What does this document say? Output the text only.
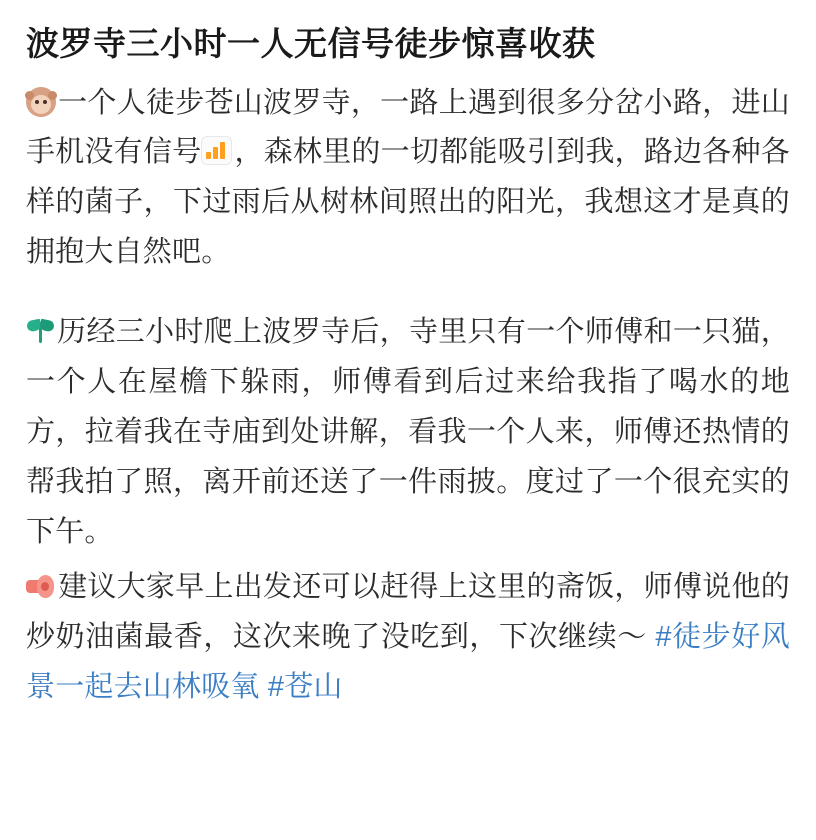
波罗寺三小时一人无信号徒步惊喜收获

一个人徒步苍山波罗寺，一路上遇到很多分岔小路，进山手机没有信号 ，森林里的一切都能吸引到我，路边各种各样的菌子，下过雨后从树林间照出的阳光，我想这才是真的拥抱大自然吧。

历经三小时爬上波罗寺后，寺里只有一个师傅和一只猫，一个人在屋檐下躲雨，师傅看到后过来给我指了喝水的地方，拉着我在寺庙到处讲解，看我一个人来，师傅还热情的帮我拍了照，离开前还送了一件雨披。度过了一个很充实的下午。

建议大家早上出发还可以赶得上这里的斋饭，师傅说他的炒奶油菌最香，这次来晚了没吃到，下次继续～ #徒步好风景一起去山林吸氧 #苍山
